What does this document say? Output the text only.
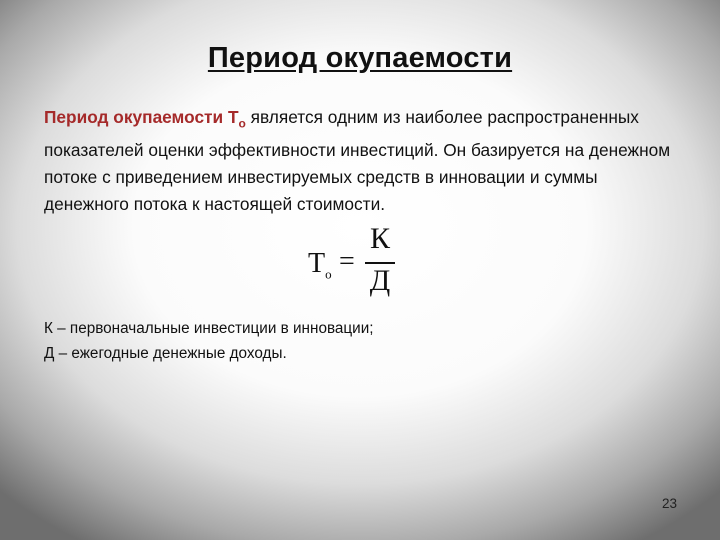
Период окупаемости
Период окупаемости $Т_о$ является одним из наиболее распространенных показателей оценки эффективности инвестиций. Он базируется на денежном потоке с приведением инвестируемых средств в инновации и суммы денежного потока к настоящей стоимости.
$Т_о$ =
К
Д
К – первоначальные инвестиции в инновации;
Д – ежегодные денежные доходы.
23
